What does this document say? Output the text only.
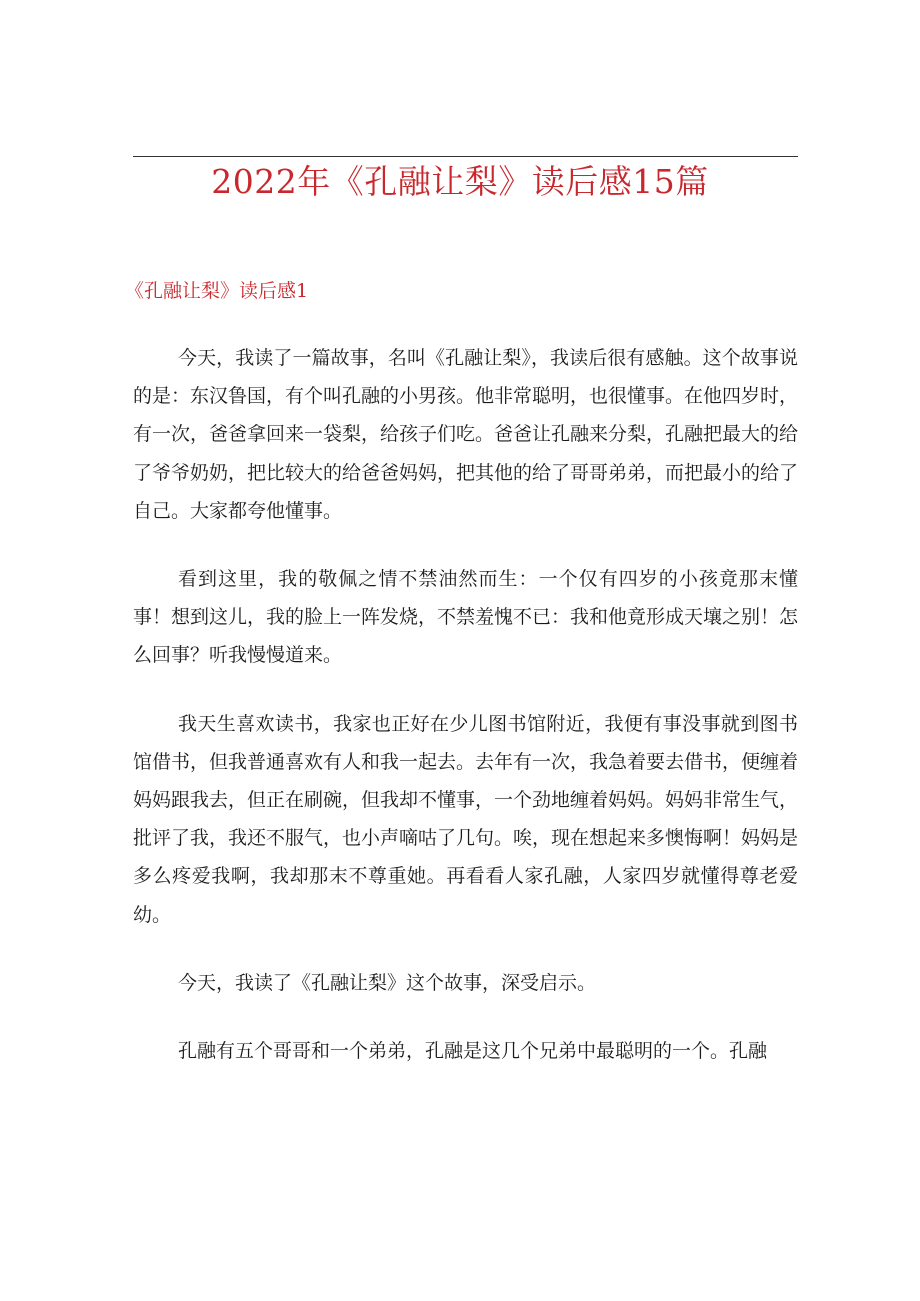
2022年《孔融让梨》读后感15篇
《孔融让梨》读后感1

今天，我读了一篇故事，名叫《孔融让梨》，我读后很有感触。这个故事说的是：东汉鲁国，有个叫孔融的小男孩。他非常聪明，也很懂事。在他四岁时，有一次，爸爸拿回来一袋梨，给孩子们吃。爸爸让孔融来分梨，孔融把最大的给了爷爷奶奶，把比较大的给爸爸妈妈，把其他的给了哥哥弟弟，而把最小的给了自己。大家都夸他懂事。

看到这里，我的敬佩之情不禁油然而生：一个仅有四岁的小孩竟那末懂事！想到这儿，我的脸上一阵发烧，不禁羞愧不已：我和他竟形成天壤之别！怎么回事？听我慢慢道来。

我天生喜欢读书，我家也正好在少儿图书馆附近，我便有事没事就到图书馆借书，但我普通喜欢有人和我一起去。去年有一次，我急着要去借书，便缠着妈妈跟我去，但正在刷碗，但我却不懂事，一个劲地缠着妈妈。妈妈非常生气，批评了我，我还不服气，也小声嘀咕了几句。唉，现在想起来多懊悔啊！妈妈是多么疼爱我啊，我却那末不尊重她。再看看人家孔融，人家四岁就懂得尊老爱幼。

今天，我读了《孔融让梨》这个故事，深受启示。

孔融有五个哥哥和一个弟弟，孔融是这几个兄弟中最聪明的一个。孔融
